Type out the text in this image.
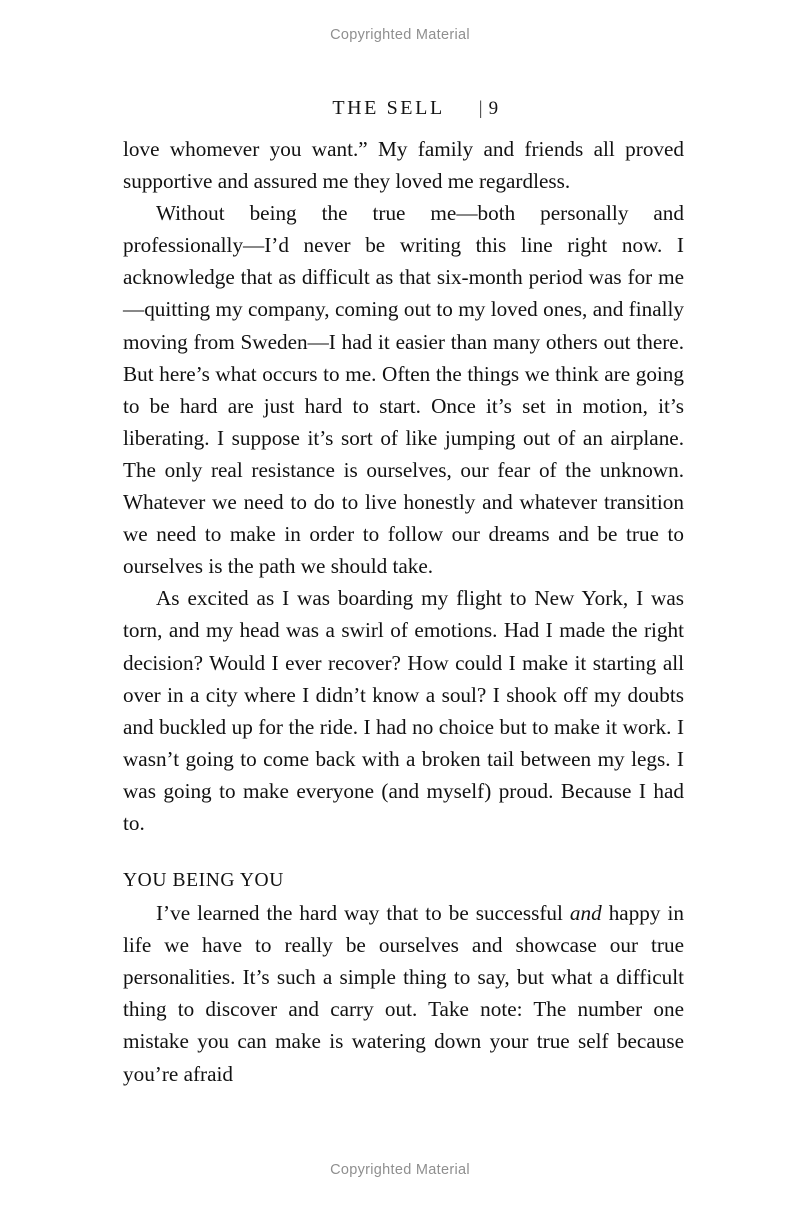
Copyrighted Material

THE SELL | 9

love whomever you want.” My family and friends all proved supportive and assured me they loved me regardless.

Without being the true me—both personally and professionally—I’d never be writing this line right now. I acknowledge that as difficult as that six-month period was for me—quitting my company, coming out to my loved ones, and finally moving from Sweden—I had it easier than many others out there. But here’s what occurs to me. Often the things we think are going to be hard are just hard to start. Once it’s set in motion, it’s liberating. I suppose it’s sort of like jumping out of an airplane. The only real resistance is ourselves, our fear of the unknown. Whatever we need to do to live honestly and whatever transition we need to make in order to follow our dreams and be true to ourselves is the path we should take.

As excited as I was boarding my flight to New York, I was torn, and my head was a swirl of emotions. Had I made the right decision? Would I ever recover? How could I make it starting all over in a city where I didn’t know a soul? I shook off my doubts and buckled up for the ride. I had no choice but to make it work. I wasn’t going to come back with a broken tail between my legs. I was going to make everyone (and myself) proud. Because I had to.

YOU BEING YOU

I’ve learned the hard way that to be successful and happy in life we have to really be ourselves and showcase our true personalities. It’s such a simple thing to say, but what a difficult thing to discover and carry out. Take note: The number one mistake you can make is watering down your true self because you’re afraid

Copyrighted Material
